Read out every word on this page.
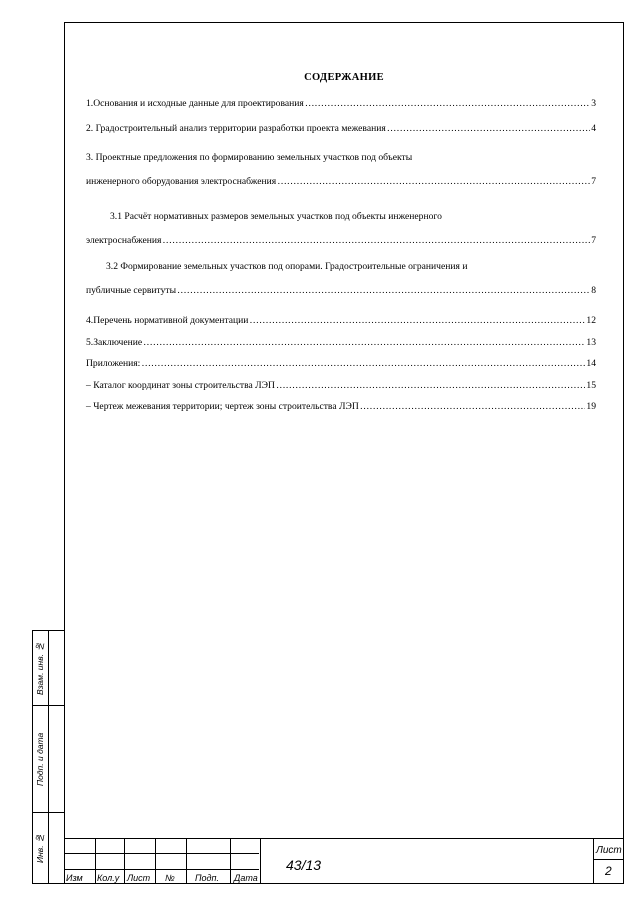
СОДЕРЖАНИЕ
1.Основания и исходные данные для проектирования …………………………………………………………………………………………………………………………………………………………………………………………………………	3
2. Градостроительный анализ территории разработки проекта межевания …………………………………………………………………………………………………………………………………………………………………………………………………………	4
3. Проектные предложения по формированию земельных участков под объекты
инженерного оборудования электроснабжения …………………………………………………………………………………………………………………………………………………………………………………………………………	7
3.1 Расчёт нормативных размеров земельных участков под объекты инженерного
электроснабжения …………………………………………………………………………………………………………………………………………………………………………………………………………	7
3.2 Формирование земельных участков под опорами. Градостроительные ограничения и
публичные сервитуты …………………………………………………………………………………………………………………………………………………………………………………………………………	8
4.Перечень нормативной документации …………………………………………………………………………………………………………………………………………………………………………………………………………	12
5.Заключение …………………………………………………………………………………………………………………………………………………………………………………………………………	13
Приложения: …………………………………………………………………………………………………………………………………………………………………………………………………………	14
– Каталог координат зоны строительства ЛЭП …………………………………………………………………………………………………………………………………………………………………………………………………………	15
– Чертеж межевания территории; чертеж зоны строительства ЛЭП …………………………………………………………………………………………………………………………………………………………………………………………………………	19
Взам. инв. №
Подп. и дата
Инв. №
Изм Кол.у Лист № Подп. Дата
43/13
Лист
2
